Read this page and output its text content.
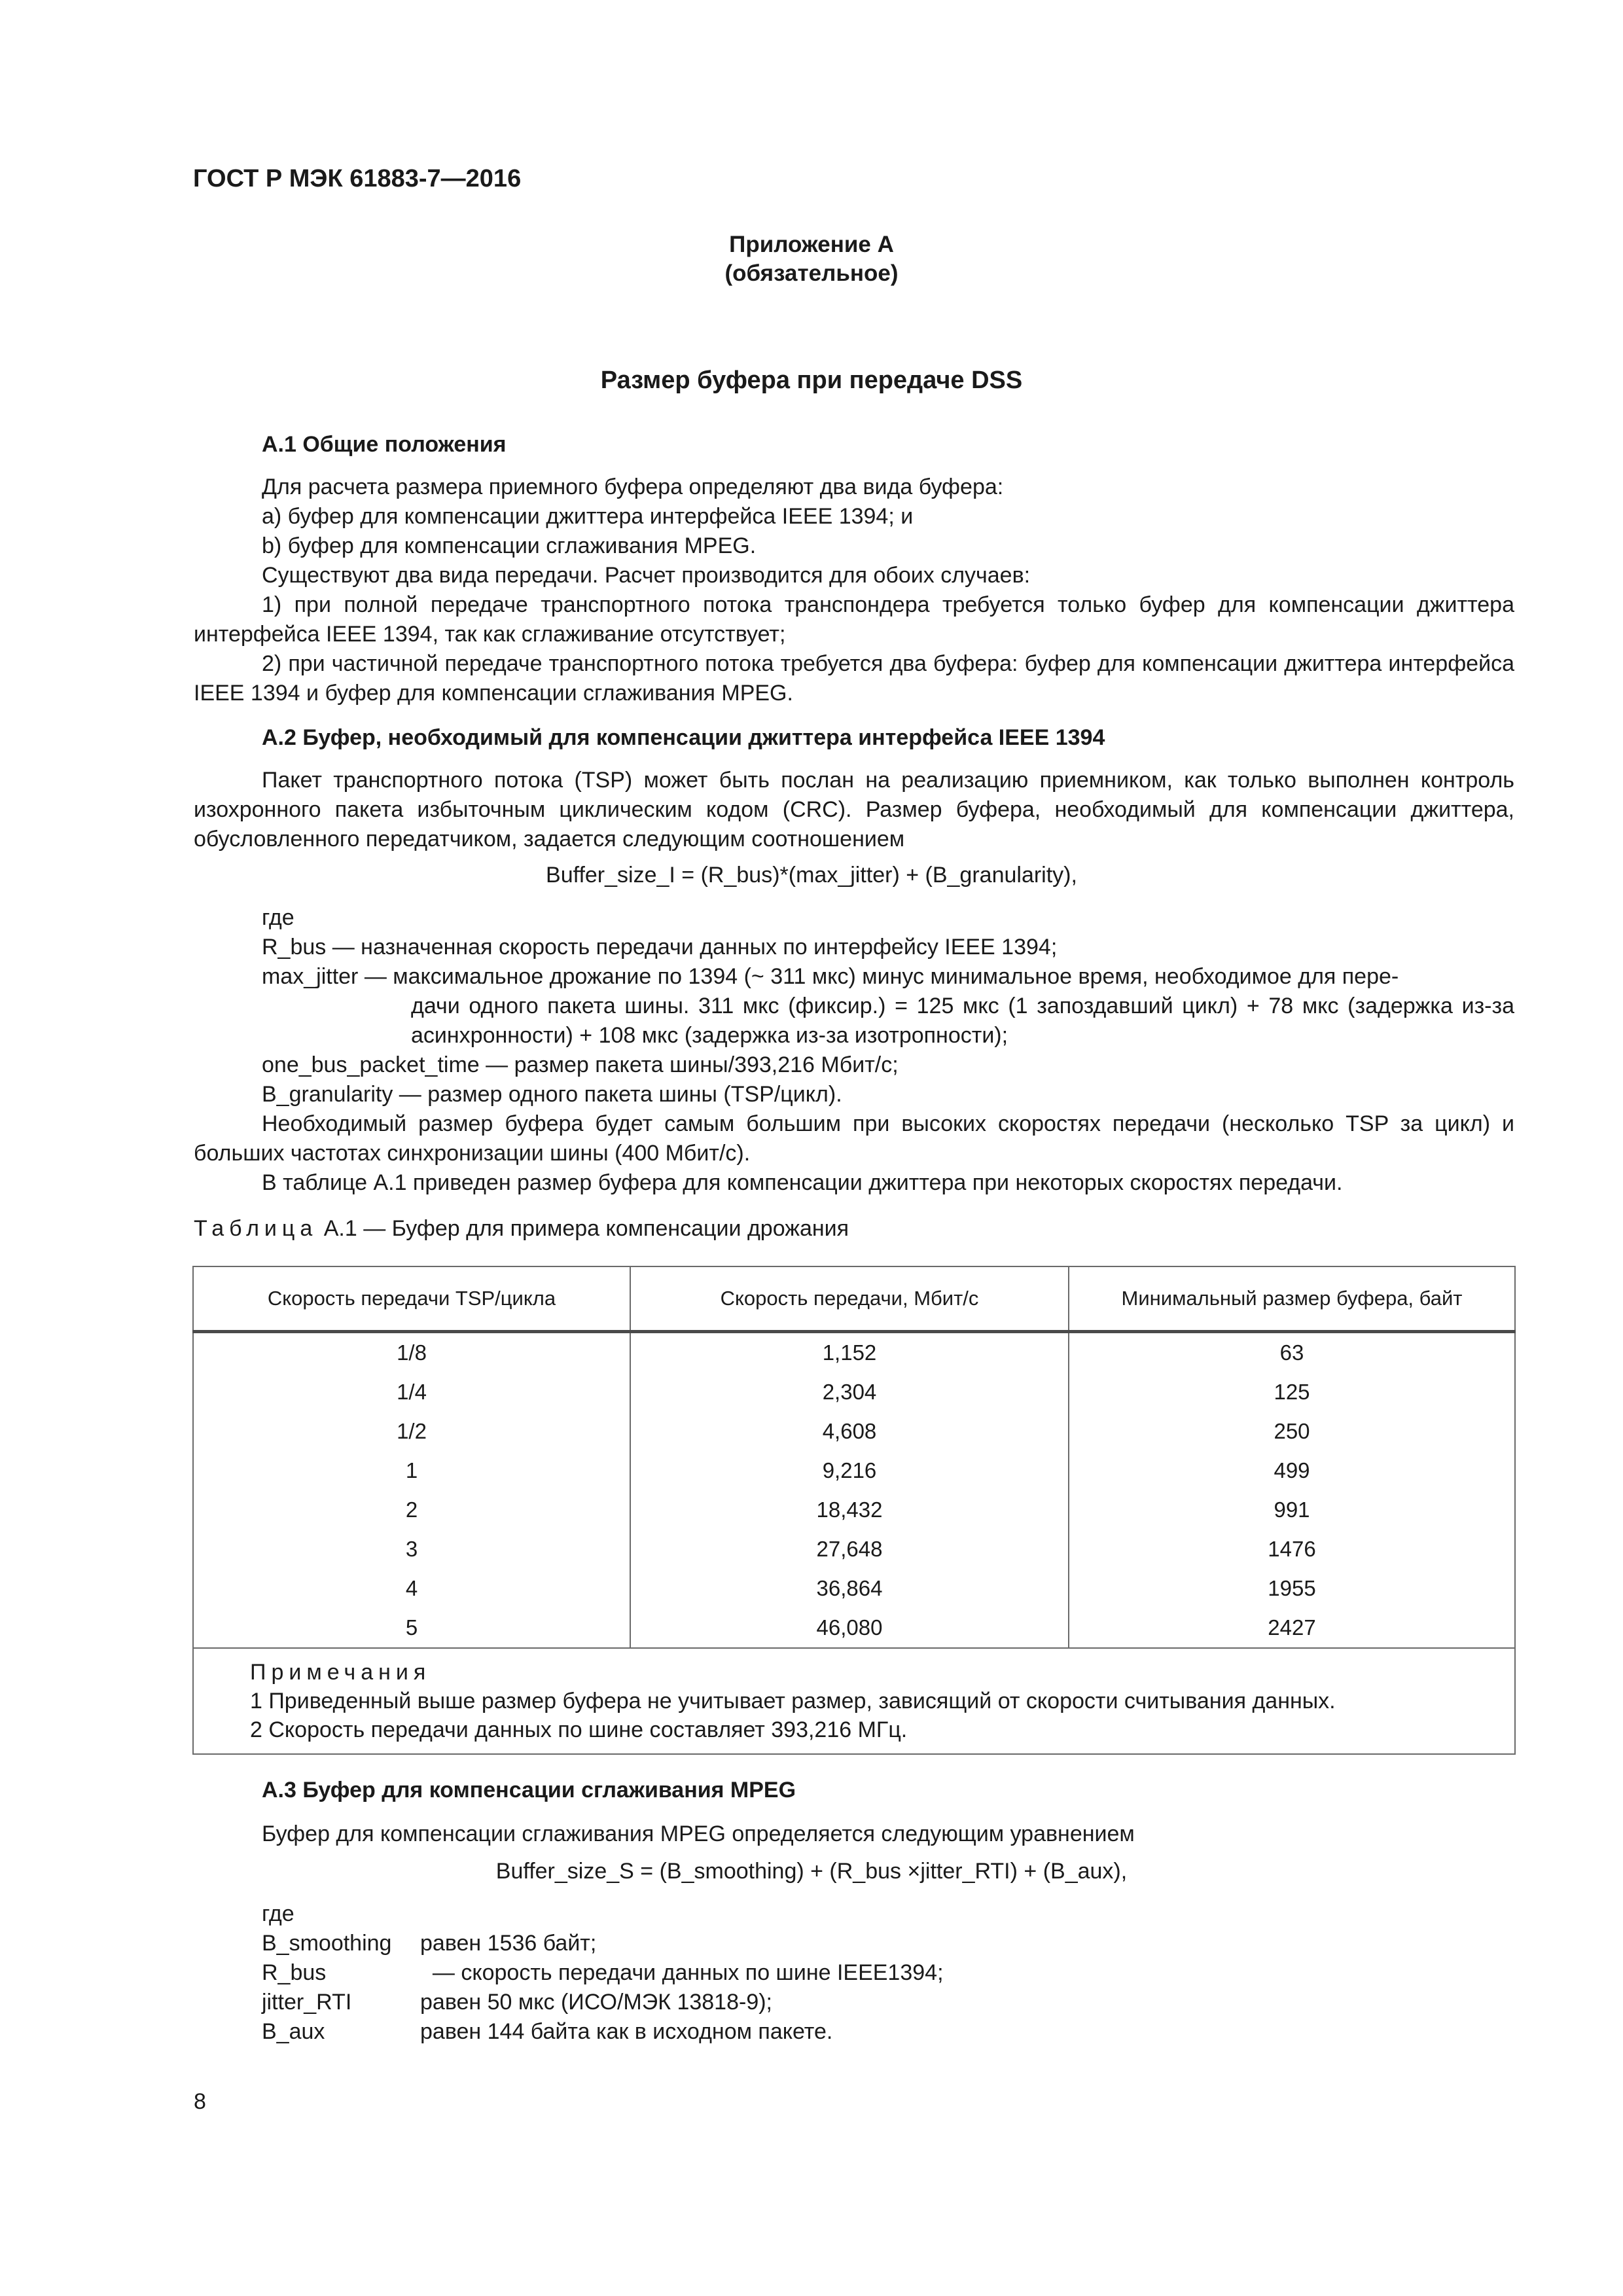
ГОСТ Р МЭК 61883-7—2016
Приложение А
(обязательное)
Размер буфера при передаче DSS
А.1 Общие положения

Для расчета размера приемного буфера определяют два вида буфера:

a) буфер для компенсации джиттера интерфейса IEEE 1394; и

b) буфер для компенсации сглаживания MPEG.

Существуют два вида передачи. Расчет производится для обоих случаев:

1) при полной передаче транспортного потока транспондера требуется только буфер для компенсации джиттера интерфейса IEEE 1394, так как сглаживание отсутствует;

2) при частичной передаче транспортного потока требуется два буфера: буфер для компенсации джиттера интерфейса IEEE 1394 и буфер для компенсации сглаживания MPEG.

А.2 Буфер, необходимый для компенсации джиттера интерфейса IEEE 1394

Пакет транспортного потока (TSP) может быть послан на реализацию приемником, как только выполнен контроль изохронного пакета избыточным циклическим кодом (CRC). Размер буфера, необходимый для компенсации джиттера, обусловленного передатчиком, задается следующим соотношением

Buffer_size_I = (R_bus)*(max_jitter) + (B_granularity),

где

R_bus — назначенная скорость передачи данных по интерфейсу IEEE 1394;

max_jitter — максимальное дрожание по 1394 (~ 311 мкс) минус минимальное время, необходимое для пере-
дачи одного пакета шины. 311 мкс (фиксир.) = 125 мкс (1 запоздавший цикл) + 78 мкс (задержка из-за асинхронности) + 108 мкс (задержка из-за изотропности);

one_bus_packet_time — размер пакета шины/393,216 Мбит/с;

B_granularity — размер одного пакета шины (TSP/цикл).

Необходимый размер буфера будет самым большим при высоких скоростях передачи (несколько TSP за цикл) и больших частотах синхронизации шины (400 Мбит/с).

В таблице А.1 приведен размер буфера для компенсации джиттера при некоторых скоростях передачи.

Таблица А.1 — Буфер для примера компенсации дрожания

Скорость передачи TSP/цикла	Скорость передачи, Мбит/с	Минимальный размер буфера, байт
1/8	1,152	63
1/4	2,304	125
1/2	4,608	250
1	9,216	499
2	18,432	991
3	27,648	1476
4	36,864	1955
5	46,080	2427

Примечания
1 Приведенный выше размер буфера не учитывает размер, зависящий от скорости считывания данных.
2 Скорость передачи данных по шине составляет 393,216 МГц.		
А.3 Буфер для компенсации сглаживания MPEG

Буфер для компенсации сглаживания MPEG определяется следующим уравнением

Buffer_size_S = (B_smoothing) + (R_bus ×jitter_RTI) + (B_aux),

где

B_smoothing равен 1536 байт;
R_bus	— скорость передачи данных по шине IEEE1394;
jitter_RTI	равен 50 мкс (ИСО/МЭК 13818-9);
B_aux	равен 144 байта как в исходном пакете.
8
